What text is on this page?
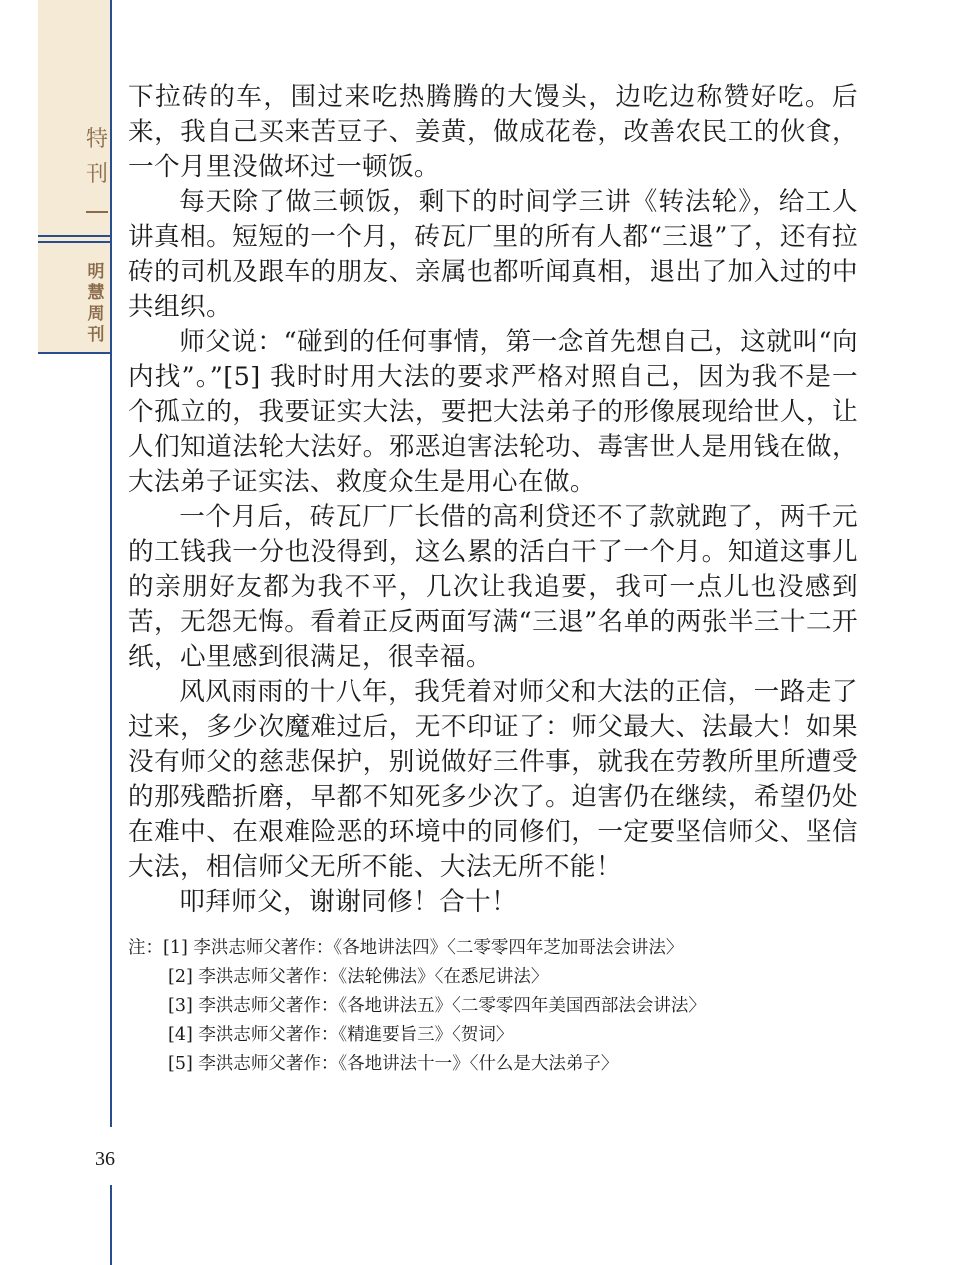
特
刊
明
慧
周
刊

下拉砖的车，围过来吃热腾腾的大馒头，边吃边称赞好吃。后来，我自己买来苦豆子、姜黄，做成花卷，改善农民工的伙食，一个月里没做坏过一顿饭。

每天除了做三顿饭，剩下的时间学三讲《转法轮》，给工人讲真相。短短的一个月，砖瓦厂里的所有人都“三退”了，还有拉砖的司机及跟车的朋友、亲属也都听闻真相，退出了加入过的中共组织。

师父说：“碰到的任何事情，第一念首先想自己，这就叫“向内找”。”[5] 我时时用大法的要求严格对照自己，因为我不是一个孤立的，我要证实大法，要把大法弟子的形像展现给世人，让人们知道法轮大法好。邪恶迫害法轮功、毒害世人是用钱在做，大法弟子证实法、救度众生是用心在做。

一个月后，砖瓦厂厂长借的高利贷还不了款就跑了，两千元的工钱我一分也没得到，这么累的活白干了一个月。知道这事儿的亲朋好友都为我不平，几次让我追要，我可一点儿也没感到苦，无怨无悔。看着正反两面写满“三退”名单的两张半三十二开纸，心里感到很满足，很幸福。

风风雨雨的十八年，我凭着对师父和大法的正信，一路走了过来，多少次魔难过后，无不印证了：师父最大、法最大！如果没有师父的慈悲保护，别说做好三件事，就我在劳教所里所遭受的那残酷折磨，早都不知死多少次了。迫害仍在继续，希望仍处在难中、在艰难险恶的环境中的同修们，一定要坚信师父、坚信大法，相信师父无所不能、大法无所不能！

叩拜师父，谢谢同修！合十！

注：[1] 李洪志师父著作：《各地讲法四》〈二零零四年芝加哥法会讲法〉
[2] 李洪志师父著作：《法轮佛法》〈在悉尼讲法〉
[3] 李洪志师父著作：《各地讲法五》〈二零零四年美国西部法会讲法〉
[4] 李洪志师父著作：《精進要旨三》〈贺词〉
[5] 李洪志师父著作：《各地讲法十一》〈什么是大法弟子〉
36
